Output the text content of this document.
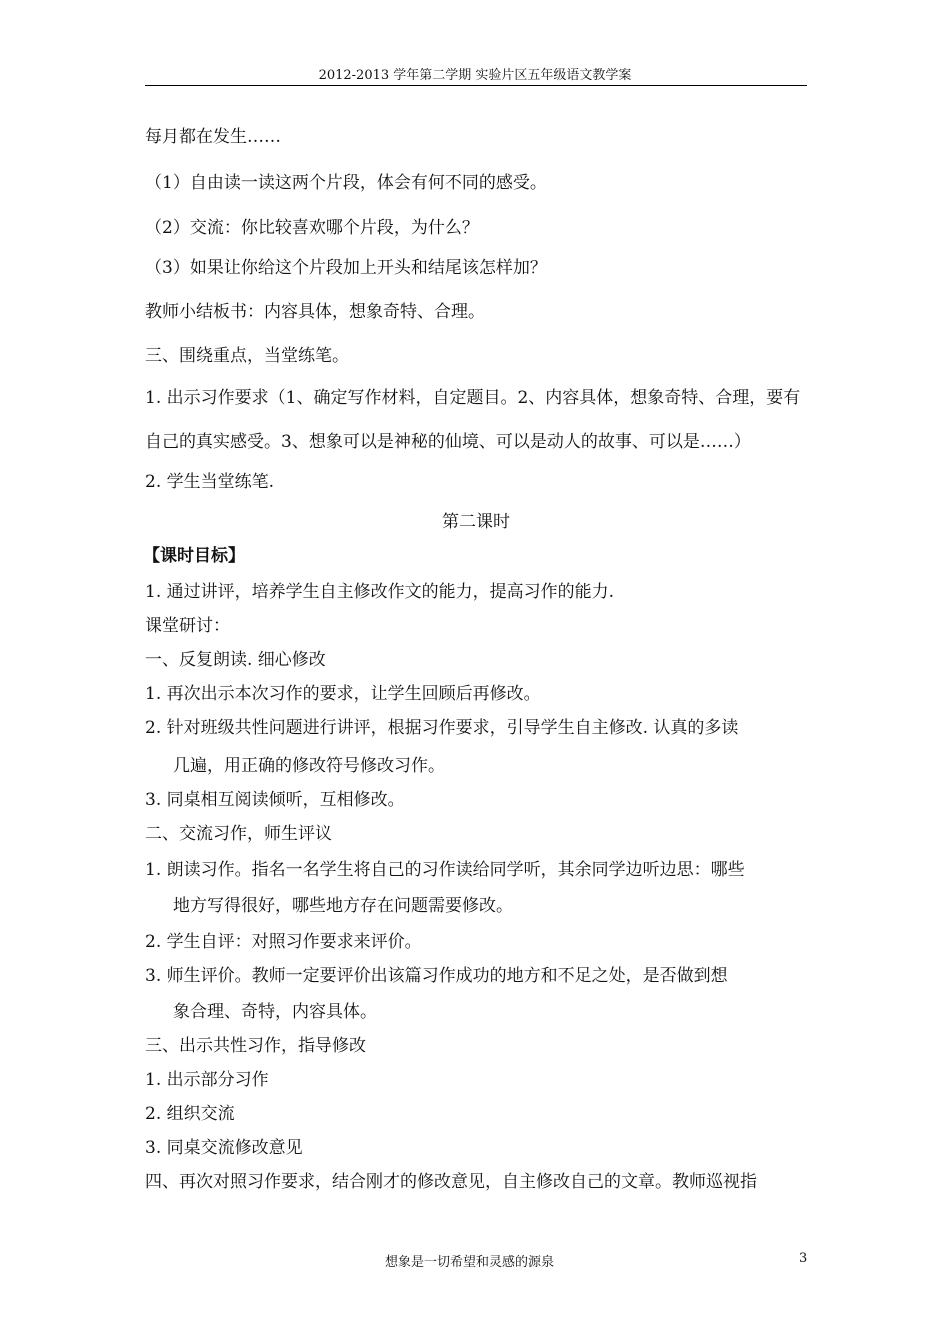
2012-2013 学年第二学期 实验片区五年级语文教学案
每月都在发生……
（1）自由读一读这两个片段，体会有何不同的感受。
（2）交流：你比较喜欢哪个片段，为什么？
（3）如果让你给这个片段加上开头和结尾该怎样加？
教师小结板书：内容具体，想象奇特、合理。
三、围绕重点，当堂练笔。
1. 出示习作要求（1、确定写作材料，自定题目。2、内容具体，想象奇特、合理，要有
自己的真实感受。3、想象可以是神秘的仙境、可以是动人的故事、可以是……）
2. 学生当堂练笔.
第二课时
【课时目标】
1. 通过讲评，培养学生自主修改作文的能力，提高习作的能力.
课堂研讨：
一、反复朗读. 细心修改
1. 再次出示本次习作的要求，让学生回顾后再修改。
2. 针对班级共性问题进行讲评，根据习作要求，引导学生自主修改. 认真的多读
几遍，用正确的修改符号修改习作。
3. 同桌相互阅读倾听，互相修改。
二、交流习作，师生评议
1. 朗读习作。指名一名学生将自己的习作读给同学听，其余同学边听边思：哪些
地方写得很好，哪些地方存在问题需要修改。
2. 学生自评：对照习作要求来评价。
3. 师生评价。教师一定要评价出该篇习作成功的地方和不足之处，是否做到想
象合理、奇特，内容具体。
三、出示共性习作，指导修改
1. 出示部分习作
2. 组织交流
3. 同桌交流修改意见
四、再次对照习作要求，结合刚才的修改意见，自主修改自己的文章。教师巡视指
想象是一切希望和灵感的源泉	3
